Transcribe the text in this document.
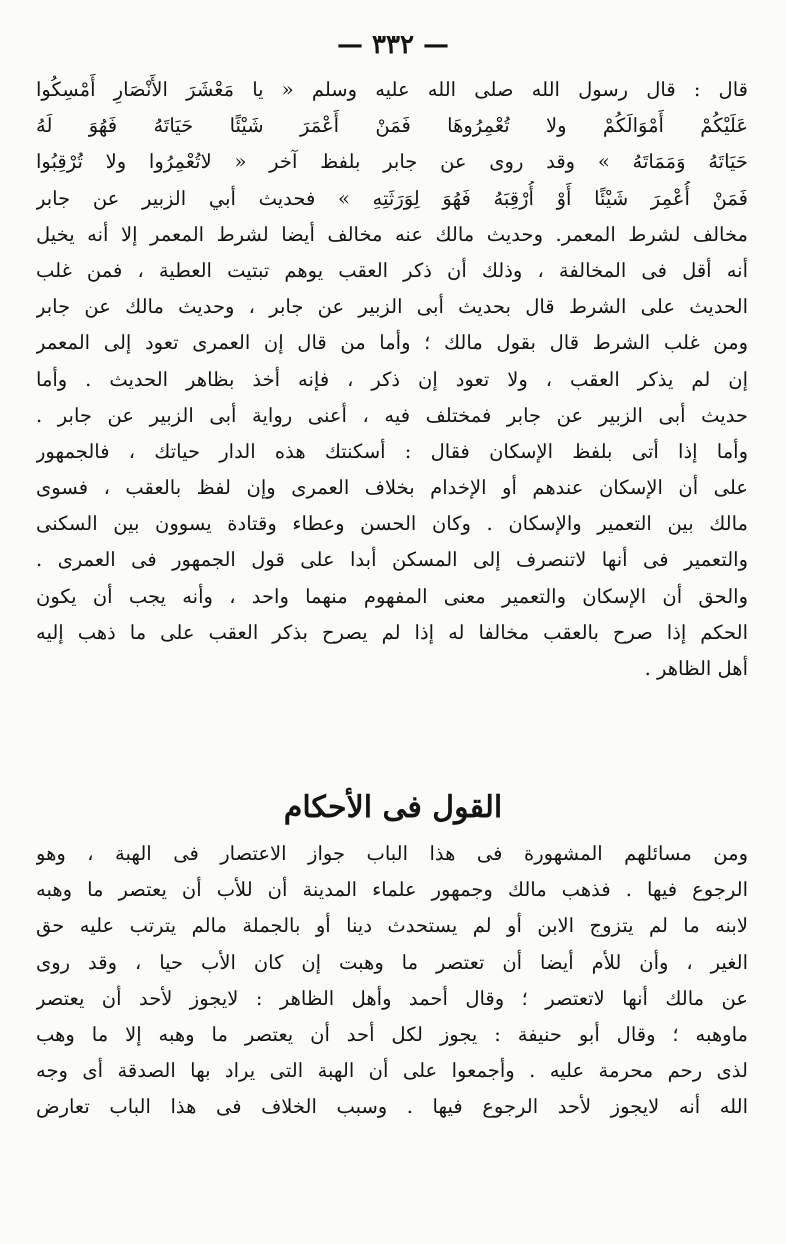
— ٣٣٢ —
قال : قال رسول الله صلى الله عليه وسلم « يا مَعْشَرَ الأَنْصَارِ أَمْسِكُوا
عَلَيْكُمْ أَمْوَالَكُمْ ولا تُعْمِرُوهَا فَمَنْ أَعْمَرَ شَيْئًا حَيَاتَهُ فَهُوَ لَهُ
حَيَاتَهُ وَمَمَاتَهُ » وقد روى عن جابر بلفظ آخر « لاتُعْمِرُوا ولا تُرْقِبُوا
فَمَنْ أُعْمِرَ شَيْئًا أَوْ أُرْقِبَهُ فَهُوَ لِوَرَثَتِهِ » فحديث أبي الزبير عن جابر
مخالف لشرط المعمر. وحديث مالك عنه مخالف أيضا لشرط المعمر إلا أنه يخيل
أنه أقل فى المخالفة ، وذلك أن ذكر العقب يوهم تبتيت العطية ، فمن غلب
الحديث على الشرط قال بحديث أبى الزبير عن جابر ، وحديث مالك عن جابر
ومن غلب الشرط قال بقول مالك ؛ وأما من قال إن العمرى تعود إلى المعمر
إن لم يذكر العقب ، ولا تعود إن ذكر ، فإنه أخذ بظاهر الحديث . وأما
حديث أبى الزبير عن جابر فمختلف فيه ، أعنى رواية أبى الزبير عن جابر .
وأما إذا أتى بلفظ الإسكان فقال : أسكنتك هذه الدار حياتك ، فالجمهور
على أن الإسكان عندهم أو الإخدام بخلاف العمرى وإن لفظ بالعقب ، فسوى
مالك بين التعمير والإسكان . وكان الحسن وعطاء وقتادة يسوون بين السكنى
والتعمير فى أنها لاتنصرف إلى المسكن أبدا على قول الجمهور فى العمرى .
والحق أن الإسكان والتعمير معنى المفهوم منهما واحد ، وأنه يجب أن يكون
الحكم إذا صرح بالعقب مخالفا له إذا لم يصرح بذكر العقب على ما ذهب إليه
أهل الظاهر .
القول فى الأحكام
ومن مسائلهم المشهورة فى هذا الباب جواز الاعتصار فى الهبة ، وهو
الرجوع فيها . فذهب مالك وجمهور علماء المدينة أن للأب أن يعتصر ما وهبه
لابنه ما لم يتزوج الابن أو لم يستحدث دينا أو بالجملة مالم يترتب عليه حق
الغير ، وأن للأم أيضا أن تعتصر ما وهبت إن كان الأب حيا ، وقد روى
عن مالك أنها لاتعتصر ؛ وقال أحمد وأهل الظاهر : لايجوز لأحد أن يعتصر
ماوهبه ؛ وقال أبو حنيفة : يجوز لكل أحد أن يعتصر ما وهبه إلا ما وهب
لذى رحم محرمة عليه . وأجمعوا على أن الهبة التى يراد بها الصدقة أى وجه
الله أنه لايجوز لأحد الرجوع فيها . وسبب الخلاف فى هذا الباب تعارض
